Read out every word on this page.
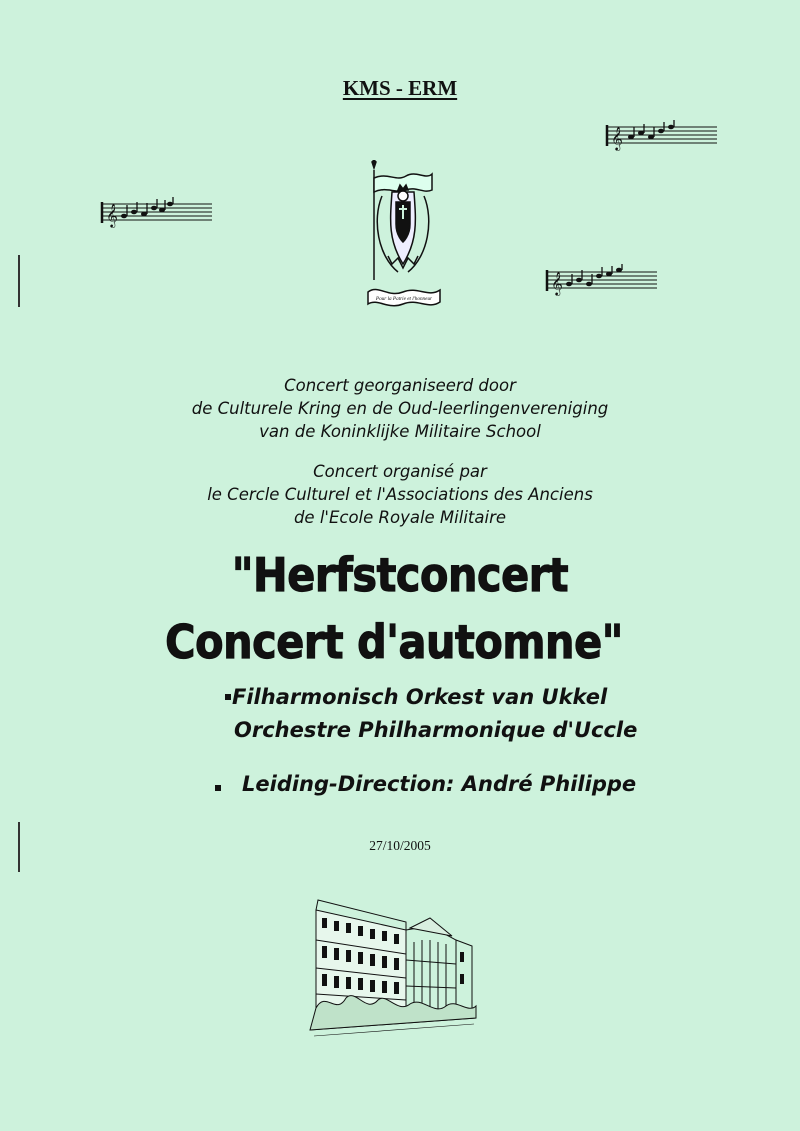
KMS - ERM
𝄞
𝄞
𝄞
Pour la Patrie et l'honneur
Concert georganiseerd door
de Culturele Kring en de Oud-leerlingenvereniging
van de Koninklijke Militaire School
Concert organisé par
le Cercle Culturel et l'Associations des Anciens
de l'Ecole Royale Militaire
"Herfstconcert
Concert d'automne"
Filharmonisch Orkest van Ukkel
Orchestre Philharmonique d'Uccle
Leiding-Direction: André Philippe
27/10/2005
